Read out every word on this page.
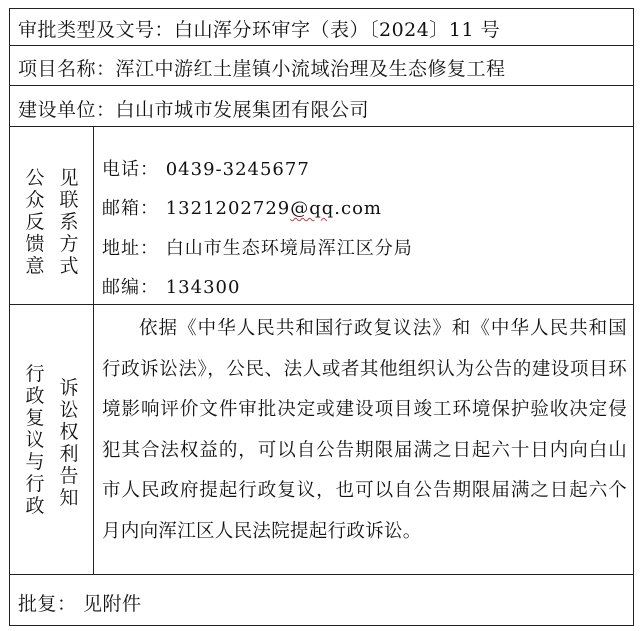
审批类型及文号：白山浑分环审字（表）〔2024〕11 号
项目名称：浑江中游红土崖镇小流域治理及生态修复工程
建设单位：白山市城市发展集团有限公司
公
众
反
馈
意
见
联
系
方
式
电话： 0439-3245677
邮箱： 1321202729@qq.com
地址： 白山市生态环境局浑江区分局
邮编： 134300
行
政
复
议
与
行
政
诉
讼
权
利
告
知
依据《中华人民共和国行政复议法》和《中华人民共和国行政诉讼法》，公民、法人或者其他组织认为公告的建设项目环境影响评价文件审批决定或建设项目竣工环境保护验收决定侵犯其合法权益的，可以自公告期限届满之日起六十日内向白山市人民政府提起行政复议，也可以自公告期限届满之日起六个月内向浑江区人民法院提起行政诉讼。
批复： 见附件
